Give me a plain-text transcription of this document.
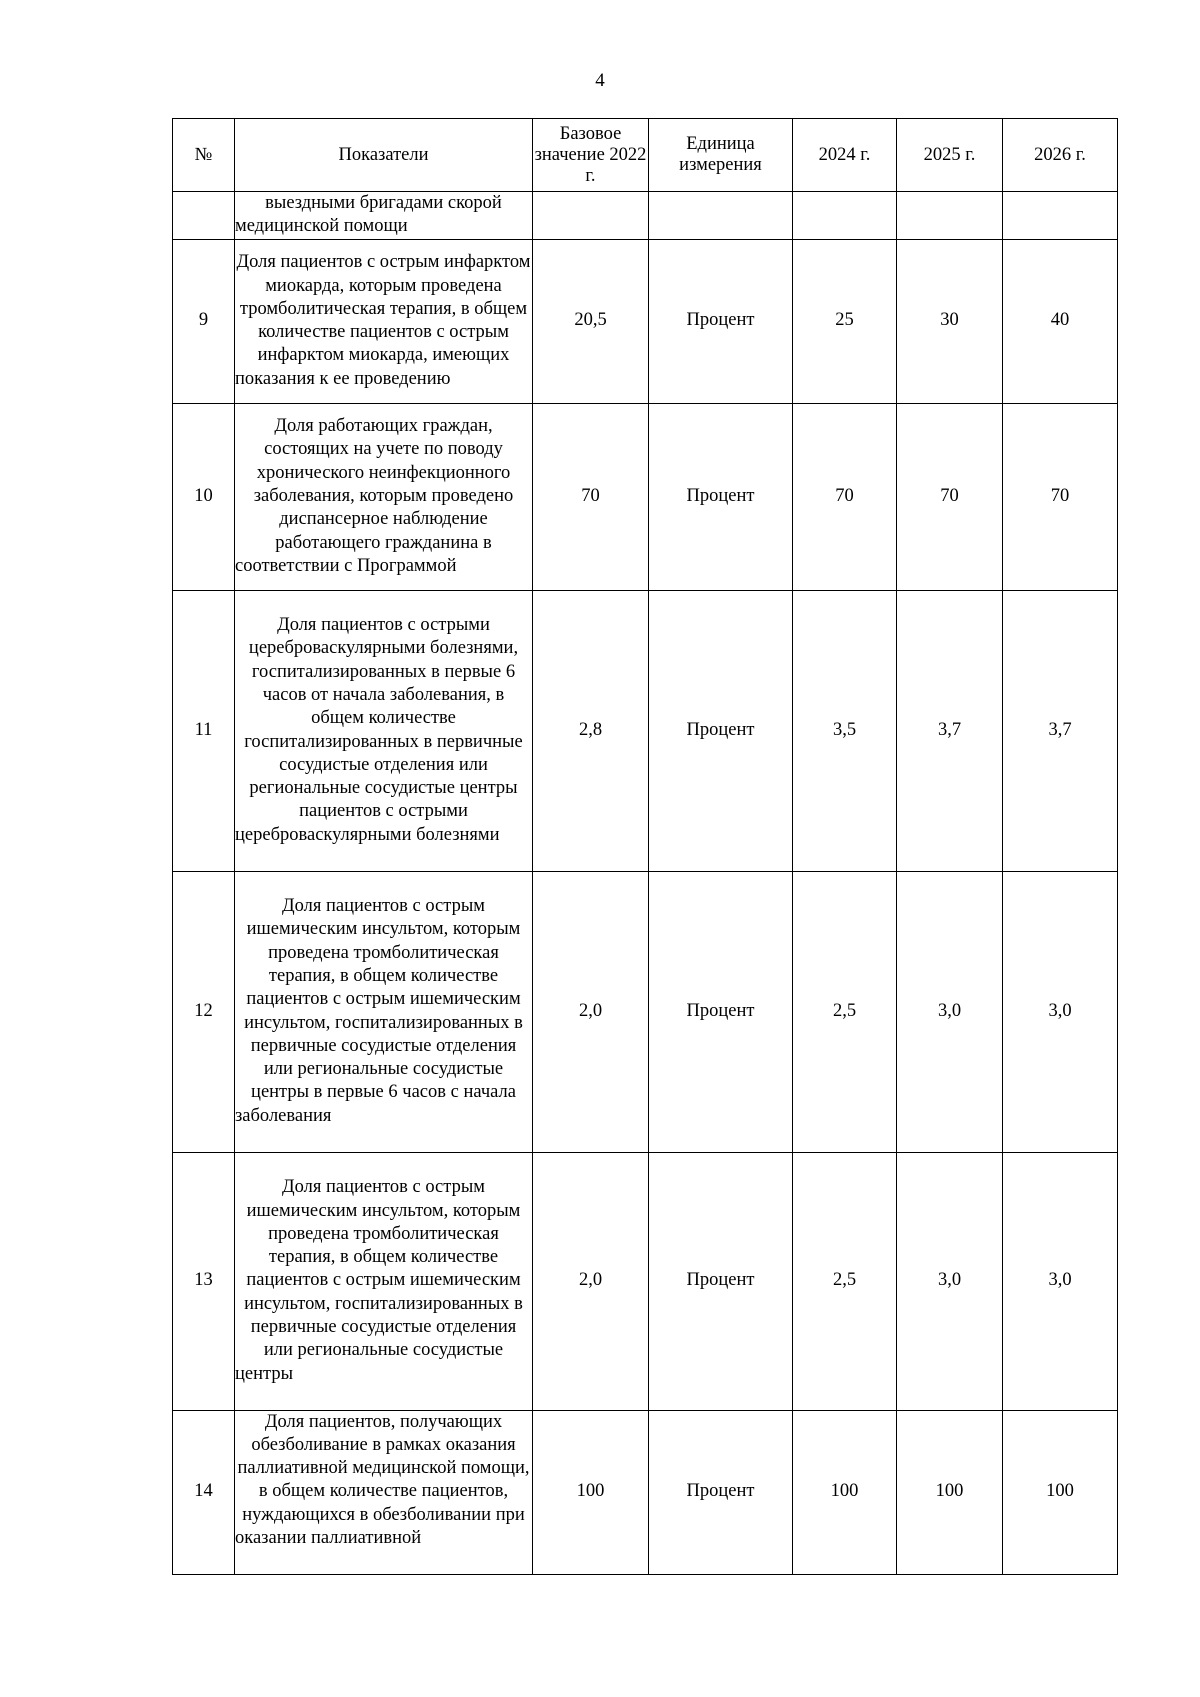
4
№	Показатели	Базовое значение 2022 г.	Единица измерения	2024 г.	2025 г.	2026 г.
	выездными бригадами скорой медицинской помощи					
9	Доля пациентов с острым инфарктом миокарда, которым проведена тромболитическая терапия, в общем количестве пациентов с острым инфарктом миокарда, имеющих показания к ее проведению	20,5	Процент	25	30	40
10	Доля работающих граждан, состоящих на учете по поводу хронического неинфекционного заболевания, которым проведено диспансерное наблюдение работающего гражданина в соответствии с Программой	70	Процент	70	70	70
11	Доля пациентов с острыми цереброваскулярными болезнями, госпитализированных в первые 6 часов от начала заболевания, в общем количестве госпитализированных в первичные сосудистые отделения или региональные сосудистые центры пациентов с острыми цереброваскулярными болезнями	2,8	Процент	3,5	3,7	3,7
12	Доля пациентов с острым ишемическим инсультом, которым проведена тромболитическая терапия, в общем количестве пациентов с острым ишемическим инсультом, госпитализированных в первичные сосудистые отделения или региональные сосудистые центры в первые 6 часов с начала заболевания	2,0	Процент	2,5	3,0	3,0
13	Доля пациентов с острым ишемическим инсультом, которым проведена тромболитическая терапия, в общем количестве пациентов с острым ишемическим инсультом, госпитализированных в первичные сосудистые отделения или региональные сосудистые центры	2,0	Процент	2,5	3,0	3,0
14	Доля пациентов, получающих обезболивание в рамках оказания паллиативной медицинской помощи, в общем количестве пациентов, нуждающихся в обезболивании при оказании паллиативной	100	Процент	100	100	100
